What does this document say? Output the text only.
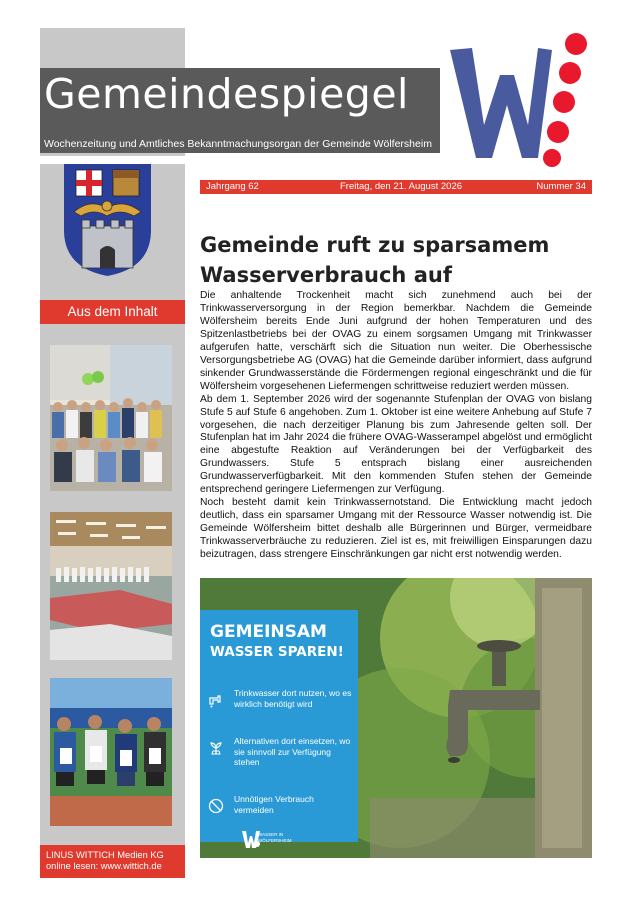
Gemeindespiegel
Wochenzeitung und Amtliches Bekanntmachungsorgan der Gemeinde Wölfersheim
Jahrgang 62	Freitag, den 21. August 2026	Nummer 34
Gemeinde ruft zu sparsamem
Wasserverbrauch auf

Die anhaltende Trockenheit macht sich zunehmend auch bei der Trinkwasserversorgung in der Region bemerkbar. Nachdem die Gemeinde Wölfersheim bereits Ende Juni aufgrund der hohen Temperaturen und des Spitzenlastbetriebs bei der OVAG zu einem sorgsamen Umgang mit Trinkwasser aufgerufen hatte, verschärft sich die Situation nun weiter. Die Oberhessische Versorgungsbetriebe AG (OVAG) hat die Gemeinde darüber informiert, dass aufgrund sinkender Grundwasserstände die Fördermengen regional eingeschränkt und die für Wölfersheim vorgesehenen Liefermengen schrittweise reduziert werden müssen.

Ab dem 1. September 2026 wird der sogenannte Stufenplan der OVAG von bislang Stufe 5 auf Stufe 6 angehoben. Zum 1. Oktober ist eine weitere Anhebung auf Stufe 7 vorgesehen, die nach derzeitiger Planung bis zum Jahresende gelten soll. Der Stufenplan hat im Jahr 2024 die frühere OVAG-Wasserampel abgelöst und ermöglicht eine abgestufte Reaktion auf Veränderungen bei der Verfügbarkeit des Grundwassers. Stufe 5 entsprach bislang einer ausreichenden Grundwasserverfügbarkeit. Mit den kommenden Stufen stehen der Gemeinde entsprechend geringere Liefermengen zur Verfügung.

Noch besteht damit kein Trinkwassernotstand. Die Entwicklung macht jedoch deutlich, dass ein sparsamer Umgang mit der Ressource Wasser notwendig ist. Die Gemeinde Wölfersheim bittet deshalb alle Bürgerinnen und Bürger, vermeidbare Trinkwasserverbräuche zu reduzieren. Ziel ist es, mit freiwilligen Einsparungen dazu beizutragen, dass strengere Einschränkungen gar nicht erst notwendig werden.

Aus dem Inhalt
LINUS WITTICH Medien KG
online lesen: www.wittich.de
GEMEINSAM
WASSER SPAREN!
Trinkwasser dort nutzen, wo es wirklich benötigt wird
Alternativen dort einsetzen, wo sie sinnvoll zur Verfügung stehen
Unnötigen Verbrauch vermeiden
WASSER IN
WÖLFERSHEIM
